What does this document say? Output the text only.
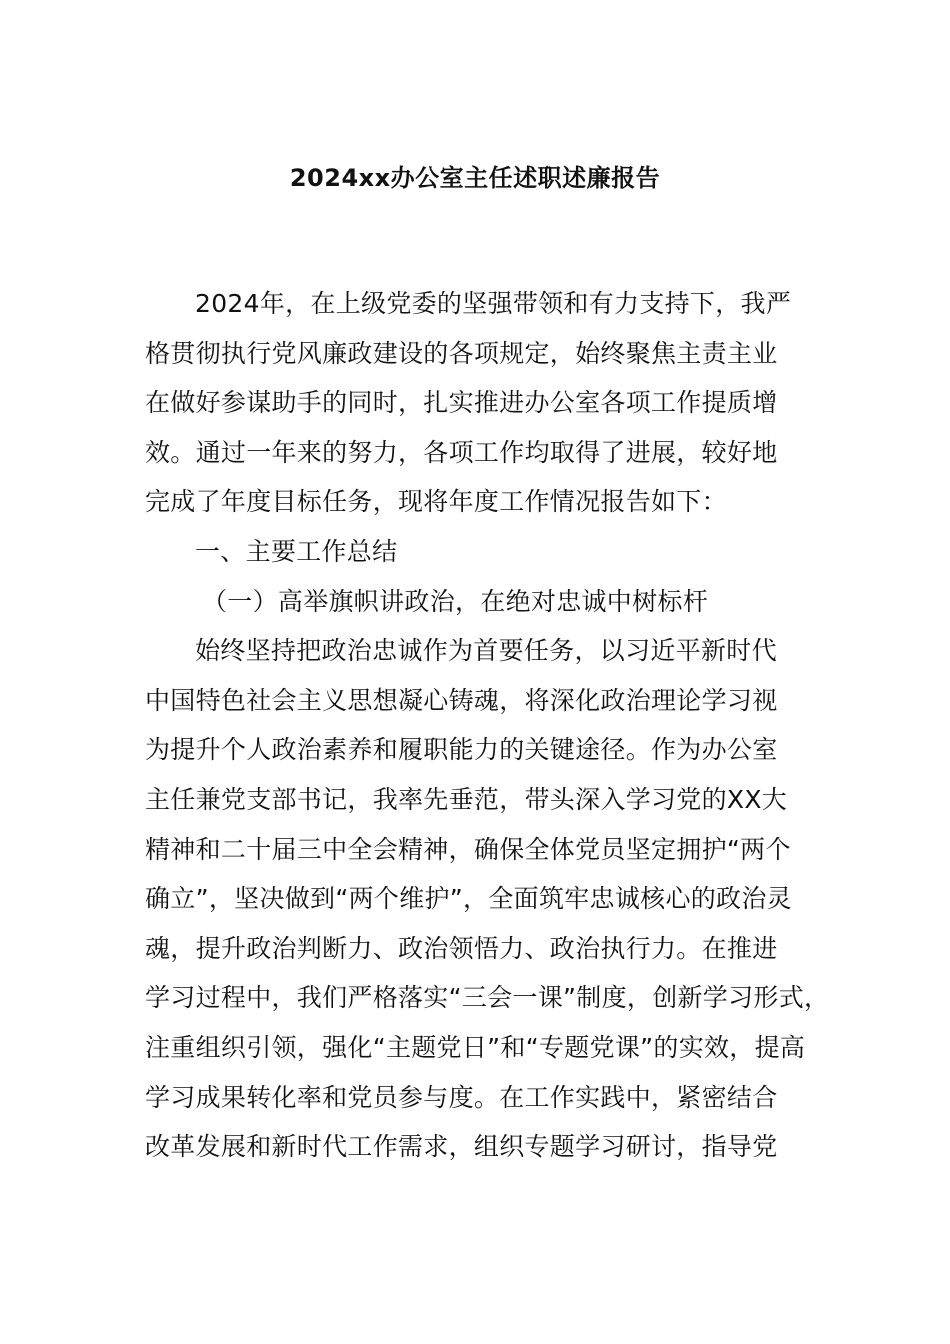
2024xx办公室主任述职述廉报告
2024年，在上级党委的坚强带领和有力支持下，我严
格贯彻执行党风廉政建设的各项规定，始终聚焦主责主业
在做好参谋助手的同时，扎实推进办公室各项工作提质增
效。通过一年来的努力，各项工作均取得了进展，较好地
完成了年度目标任务，现将年度工作情况报告如下：
一、主要工作总结
（一）高举旗帜讲政治，在绝对忠诚中树标杆
始终坚持把政治忠诚作为首要任务，以习近平新时代
中国特色社会主义思想凝心铸魂，将深化政治理论学习视
为提升个人政治素养和履职能力的关键途径。作为办公室
主任兼党支部书记，我率先垂范，带头深入学习党的XX大
精神和二十届三中全会精神，确保全体党员坚定拥护“两个
确立”，坚决做到“两个维护”，全面筑牢忠诚核心的政治灵
魂，提升政治判断力、政治领悟力、政治执行力。在推进
学习过程中，我们严格落实“三会一课”制度，创新学习形式，
注重组织引领，强化“主题党日”和“专题党课”的实效，提高
学习成果转化率和党员参与度。在工作实践中，紧密结合
改革发展和新时代工作需求，组织专题学习研讨，指导党
